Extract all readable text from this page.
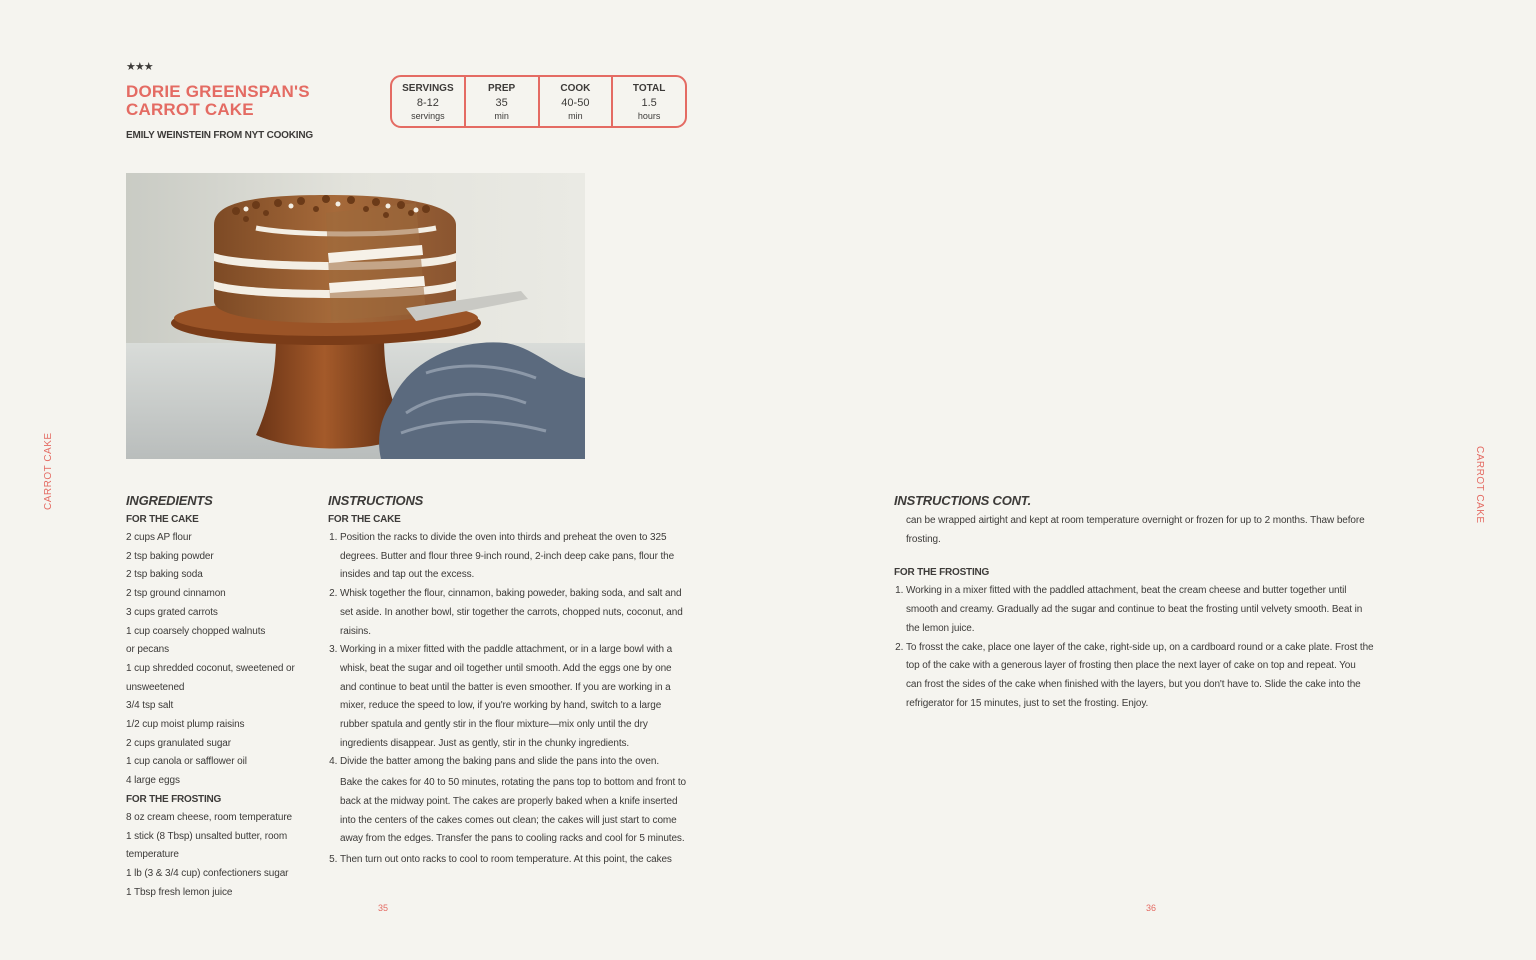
CARROT CAKE	CARROT CAKE
★★★
DORIE GREENSPAN'S
CARROT CAKE
EMILY WEINSTEIN FROM NYT COOKING
SERVINGS
8-12
servings
PREP
35
min
COOK
40-50
min
TOTAL
1.5
hours
INGREDIENTS
FOR THE CAKE
2 cups AP flour
2 tsp baking powder
2 tsp baking soda
2 tsp ground cinnamon
3 cups grated carrots
1 cup coarsely chopped walnuts
or pecans
1 cup shredded coconut, sweetened or
unsweetened
3/4 tsp salt
1/2 cup moist plump raisins
2 cups granulated sugar
1 cup canola or safflower oil
4 large eggs
FOR THE FROSTING
8 oz cream cheese, room temperature
1 stick (8 Tbsp) unsalted butter, room
temperature
1 lb (3 & 3/4 cup) confectioners sugar
1 Tbsp fresh lemon juice
INSTRUCTIONS
FOR THE CAKE
1. Position the racks to divide the oven into thirds and preheat the oven to 325 degrees. Butter and flour three 9-inch round, 2-inch deep cake pans, flour the insides and tap out the excess.
2. Whisk together the flour, cinnamon, baking poweder, baking soda, and salt and set aside. In another bowl, stir together the carrots, chopped nuts, coconut, and raisins.
3. Working in a mixer fitted with the paddle attachment, or in a large bowl with a whisk, beat the sugar and oil together until smooth. Add the eggs one by one and continue to beat until the batter is even smoother. If you are working in a mixer, reduce the speed to low, if you're working by hand, switch to a large rubber spatula and gently stir in the flour mixture—mix only until the dry ingredients disappear. Just as gently, stir in the chunky ingredients.
4. Divide the batter among the baking pans and slide the pans into the oven.
Bake the cakes for 40 to 50 minutes, rotating the pans top to bottom and front to back at the midway point. The cakes are properly baked when a knife inserted into the centers of the cakes comes out clean; the cakes will just start to come away from the edges. Transfer the pans to cooling racks and cool for 5 minutes.
5. Then turn out onto racks to cool to room temperature. At this point, the cakes
INSTRUCTIONS CONT.
can be wrapped airtight and kept at room temperature overnight or frozen for up to 2 months. Thaw before frosting.
FOR THE FROSTING
1. Working in a mixer fitted with the paddled attachment, beat the cream cheese and butter together until smooth and creamy. Gradually ad the sugar and continue to beat the frosting until velvety smooth. Beat in the lemon juice.
2. To frosst the cake, place one layer of the cake, right-side up, on a cardboard round or a cake plate. Frost the top of the cake with a generous layer of frosting then place the next layer of cake on top and repeat. You can frost the sides of the cake when finished with the layers, but you don't have to. Slide the cake into the refrigerator for 15 minutes, just to set the frosting. Enjoy.
35	36
